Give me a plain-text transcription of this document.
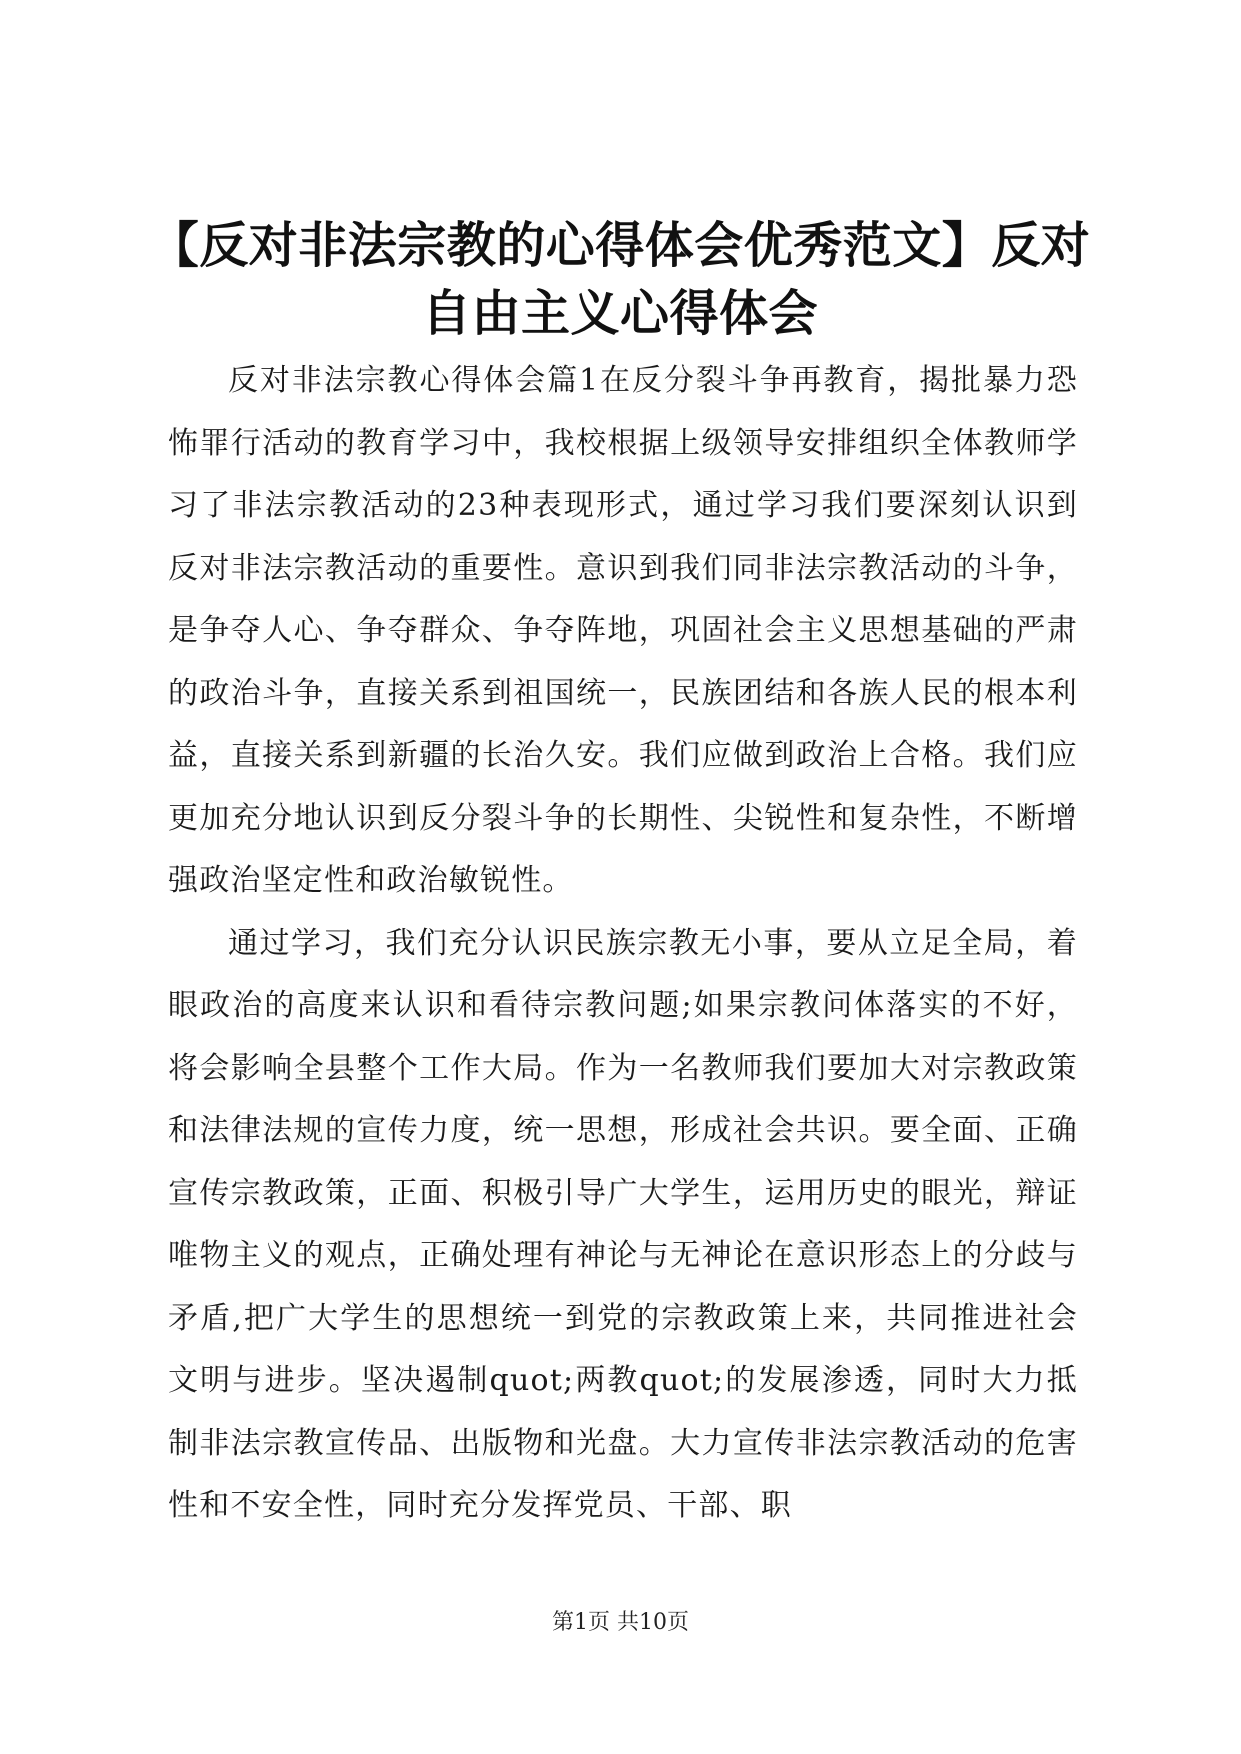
【反对非法宗教的心得体会优秀范文】反对自由主义心得体会

反对非法宗教心得体会篇1在反分裂斗争再教育，揭批暴力恐怖罪行活动的教育学习中，我校根据上级领导安排组织全体教师学习了非法宗教活动的23种表现形式，通过学习我们要深刻认识到反对非法宗教活动的重要性。意识到我们同非法宗教活动的斗争，是争夺人心、争夺群众、争夺阵地，巩固社会主义思想基础的严肃的政治斗争，直接关系到祖国统一，民族团结和各族人民的根本利益，直接关系到新疆的长治久安。我们应做到政治上合格。我们应更加充分地认识到反分裂斗争的长期性、尖锐性和复杂性，不断增强政治坚定性和政治敏锐性。

通过学习，我们充分认识民族宗教无小事，要从立足全局，着眼政治的高度来认识和看待宗教问题;如果宗教问体落实的不好，将会影响全县整个工作大局。作为一名教师我们要加大对宗教政策和法律法规的宣传力度，统一思想，形成社会共识。要全面、正确宣传宗教政策，正面、积极引导广大学生，运用历史的眼光，辩证唯物主义的观点，正确处理有神论与无神论在意识形态上的分歧与矛盾,把广大学生的思想统一到党的宗教政策上来，共同推进社会文明与进步。坚决遏制quot;两教quot;的发展渗透，同时大力抵制非法宗教宣传品、出版物和光盘。大力宣传非法宗教活动的危害性和不安全性，同时充分发挥党员、干部、职

第1页 共10页
